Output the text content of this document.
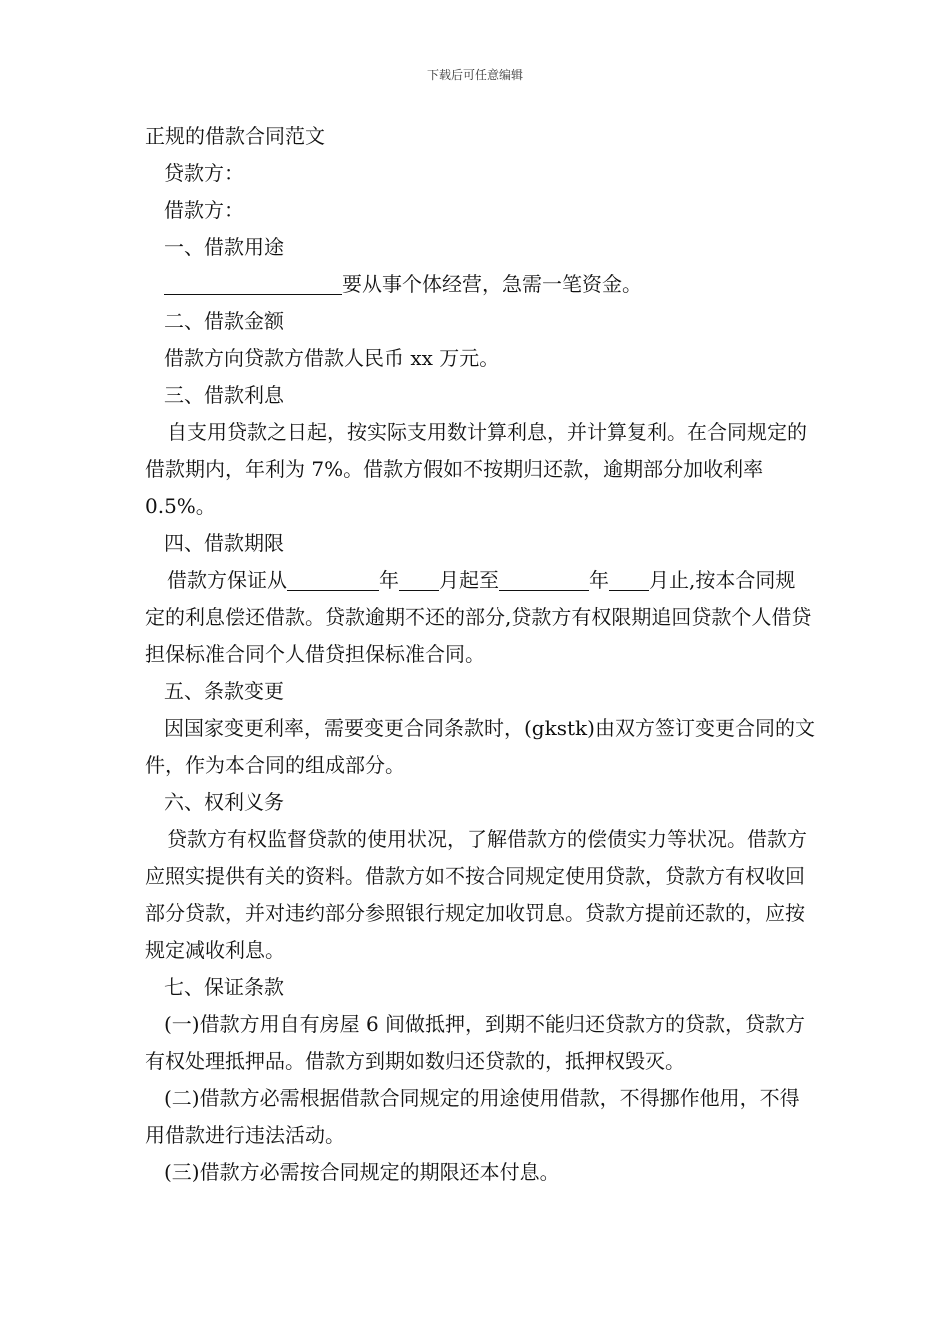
下载后可任意编辑
正规的借款合同范文
贷款方：
借款方：
一、借款用途
要从事个体经营，急需一笔资金。
二、借款金额
借款方向贷款方借款人民币 xx 万元。
三、借款利息
自支用贷款之日起，按实际支用数计算利息，并计算复利。在合同规定的借款期内，年利为 7%。借款方假如不按期归还款，逾期部分加收利率 0.5%。
四、借款期限
借款方保证从	年 月起至	年 月止,按本合同规定的利息偿还借款。贷款逾期不还的部分,贷款方有权限期追回贷款个人借贷担保标准合同个人借贷担保标准合同。
五、条款变更
因国家变更利率，需要变更合同条款时，(gkstk)由双方签订变更合同的文件，作为本合同的组成部分。
六、权利义务
贷款方有权监督贷款的使用状况，了解借款方的偿债实力等状况。借款方应照实提供有关的资料。借款方如不按合同规定使用贷款，贷款方有权收回部分贷款，并对违约部分参照银行规定加收罚息。贷款方提前还款的，应按规定减收利息。
七、保证条款
(一)借款方用自有房屋 6 间做抵押，到期不能归还贷款方的贷款，贷款方有权处理抵押品。借款方到期如数归还贷款的，抵押权毁灭。
(二)借款方必需根据借款合同规定的用途使用借款，不得挪作他用，不得用借款进行违法活动。
(三)借款方必需按合同规定的期限还本付息。
